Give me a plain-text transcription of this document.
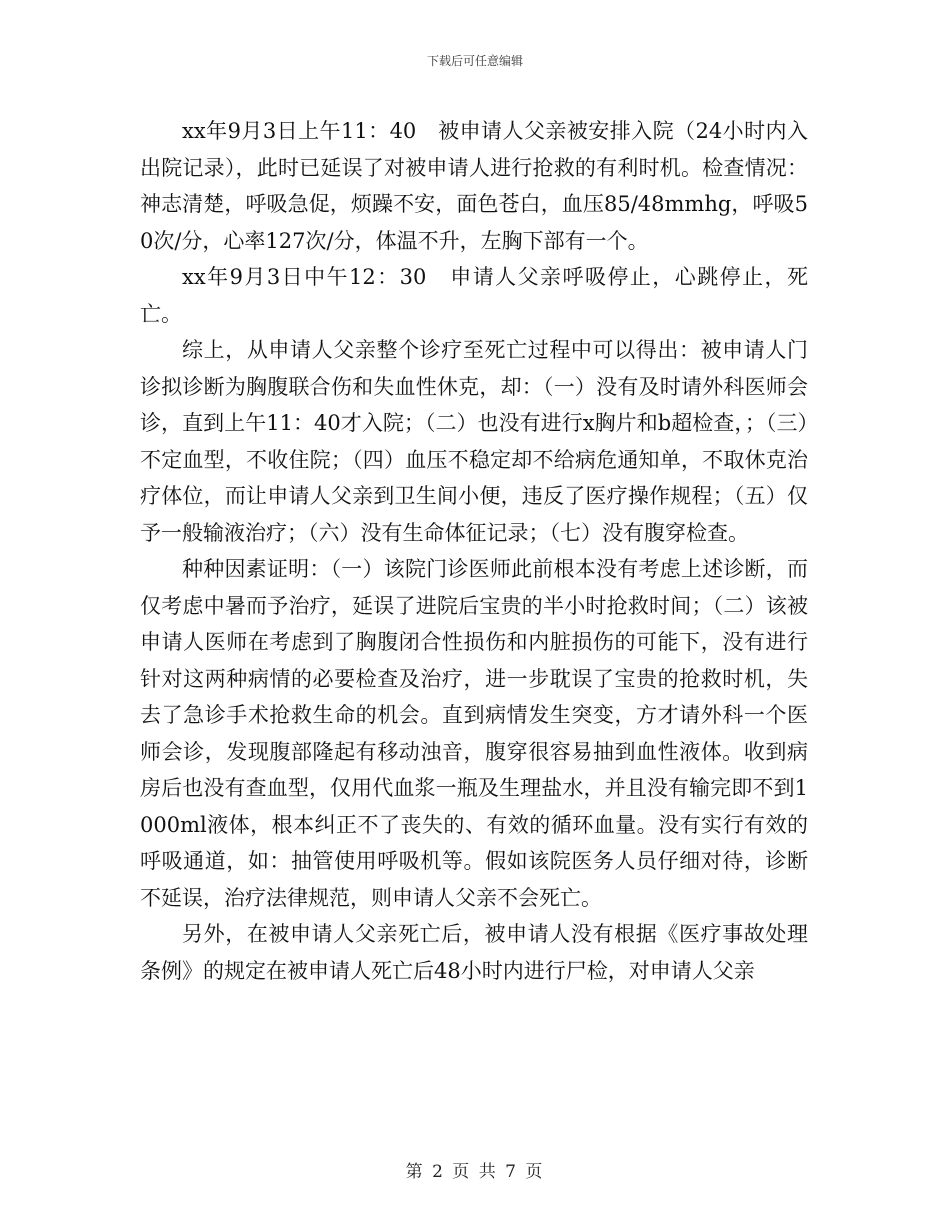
下载后可任意编辑

xx年9月3日上午11：40　被申请人父亲被安排入院（24小时内入出院记录），此时已延误了对被申请人进行抢救的有利时机。检查情况：神志清楚，呼吸急促，烦躁不安，面色苍白，血压85/48mmhg，呼吸50次/分，心率127次/分，体温不升，左胸下部有一个。

xx年9月3日中午12：30　申请人父亲呼吸停止，心跳停止，死亡。

综上，从申请人父亲整个诊疗至死亡过程中可以得出：被申请人门诊拟诊断为胸腹联合伤和失血性休克，却：（一）没有及时请外科医师会诊，直到上午11：40才入院；（二）也没有进行x胸片和b超检查，；（三）不定血型，不收住院；（四）血压不稳定却不给病危通知单，不取休克治疗体位，而让申请人父亲到卫生间小便，违反了医疗操作规程；（五）仅予一般输液治疗；（六）没有生命体征记录；（七）没有腹穿检查。

种种因素证明：（一）该院门诊医师此前根本没有考虑上述诊断，而仅考虑中暑而予治疗，延误了进院后宝贵的半小时抢救时间；（二）该被申请人医师在考虑到了胸腹闭合性损伤和内脏损伤的可能下，没有进行针对这两种病情的必要检查及治疗，进一步耽误了宝贵的抢救时机，失去了急诊手术抢救生命的机会。直到病情发生突变，方才请外科一个医师会诊，发现腹部隆起有移动浊音，腹穿很容易抽到血性液体。收到病房后也没有查血型，仅用代血浆一瓶及生理盐水，并且没有输完即不到1000ml液体，根本纠正不了丧失的、有效的循环血量。没有实行有效的呼吸通道，如：抽管使用呼吸机等。假如该院医务人员仔细对待，诊断不延误，治疗法律规范，则申请人父亲不会死亡。

另外，在被申请人父亲死亡后，被申请人没有根据《医疗事故处理条例》的规定在被申请人死亡后48小时内进行尸检，对申请人父亲

第 2 页 共 7 页
